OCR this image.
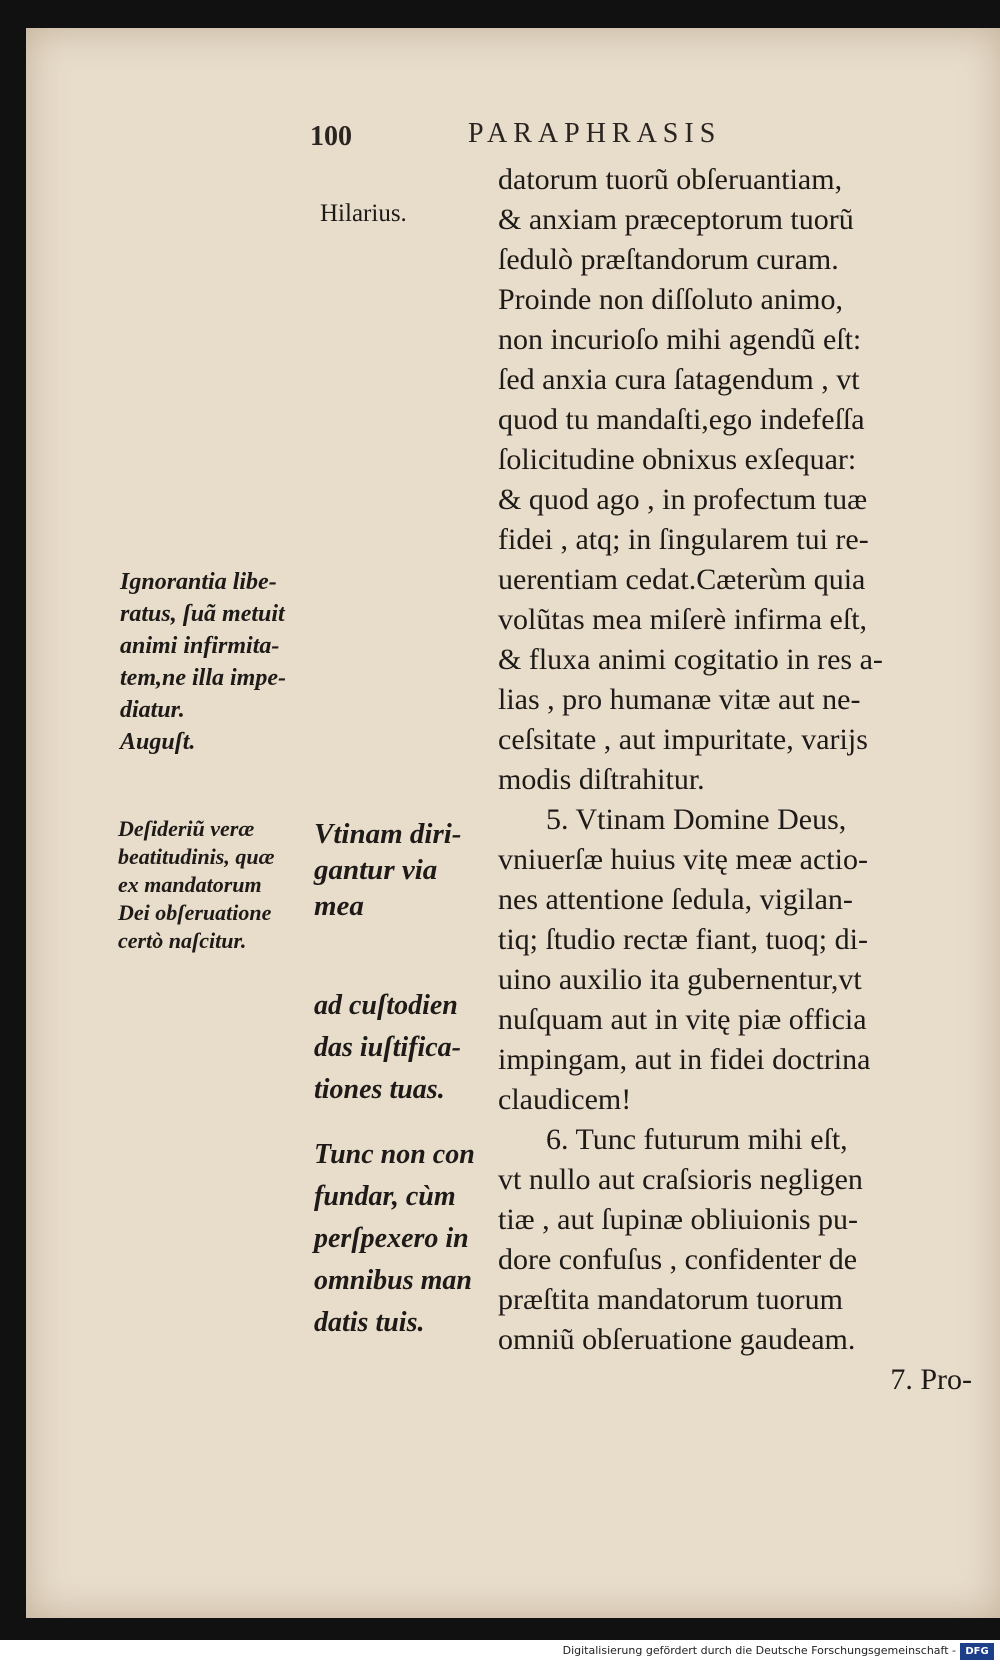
100	PARAPHRASIS
datorum tuorũ obſeruantiam,
& anxiam præceptorum tuorũ
ſedulò præſtandorum curam.
Proinde non diſſoluto animo,
non incurioſo mihi agendũ eſt:
ſed anxia cura ſatagendum , vt
quod tu mandaſti,ego indefeſſa
ſolicitudine obnixus exſequar:
& quod ago , in profectum tuæ
fidei , atq; in ſingularem tui re-
uerentiam cedat.Cæterùm quia
volũtas mea miſerè infirma eſt,
& fluxa animi cogitatio in res a-
lias , pro humanæ vitæ aut ne-
ceſsitate , aut impuritate, varijs
modis diſtrahitur.
5. Vtinam Domine Deus,
vniuerſæ huius vitę meæ actio-
nes attentione ſedula, vigilan-
tiq; ſtudio rectæ fiant, tuoq; di-
uino auxilio ita gubernentur,vt
nuſquam aut in vitę piæ officia
impingam, aut in fidei doctrina
claudicem!
6. Tunc futurum mihi eſt,
vt nullo aut craſsioris negligen
tiæ , aut ſupinæ obliuionis pu-
dore confuſus , confidenter de
præſtita mandatorum tuorum
omniũ obſeruatione gaudeam.
7. Pro-
Hilarius.
Ignorantia libe-
ratus, ſuã metuit
animi infirmita-
tem,ne illa impe-
diatur.
Auguſt.
Deſideriũ veræ
beatitudinis, quæ
ex mandatorum
Dei obſeruatione
certò naſcitur.
Vtinam diri-
gantur via
mea
ad cuſtodien
das iuſtifica-
tiones tuas.
Tunc non con
fundar, cùm
perſpexero in
omnibus man
datis tuis.
Digitalisierung gefördert durch die Deutsche Forschungsgemeinschaft - DFG
